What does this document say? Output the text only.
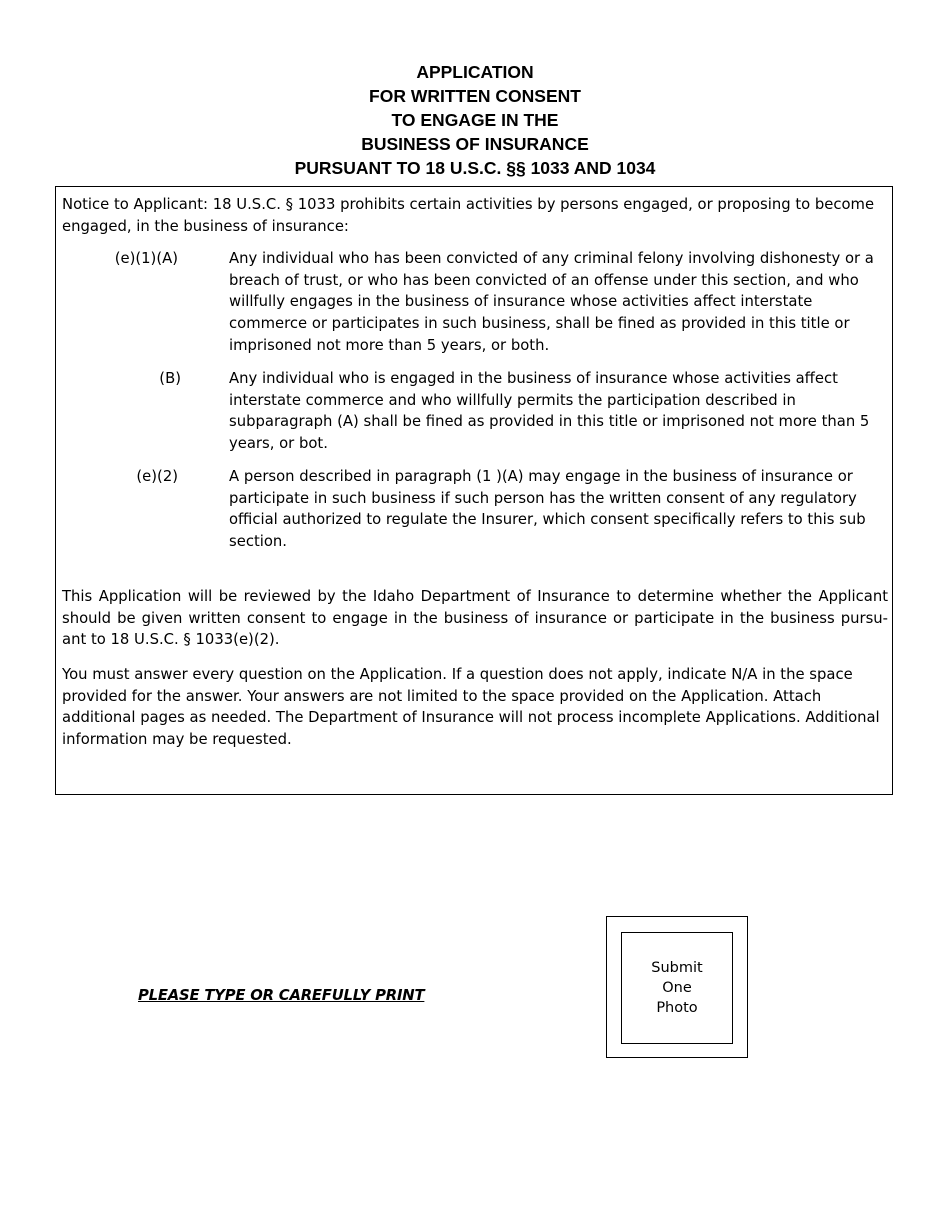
APPLICATION
FOR WRITTEN CONSENT
TO ENGAGE IN THE
BUSINESS OF INSURANCE
PURSUANT TO 18 U.S.C. §§ 1033 AND 1034
Notice to Applicant: 18 U.S.C. § 1033 prohibits certain activities by persons engaged, or proposing to become engaged, in the business of insurance:
(e)(1)(A)	Any individual who has been convicted of any criminal felony involving dishonesty or a breach of trust, or who has been convicted of an offense under this section, and who willfully engages in the business of insurance whose activities affect interstate commerce or participates in such business, shall be fined as provided in this title or imprisoned not more than 5 years, or both.
(B)	Any individual who is engaged in the business of insurance whose activities affect interstate commerce and who willfully permits the participation described in subparagraph (A) shall be fined as provided in this title or imprisoned not more than 5 years, or bot.
(e)(2)	A person described in paragraph (1 )(A) may engage in the business of insurance or participate in such business if such person has the written consent of any regulatory official authorized to regulate the Insurer, which consent specifically refers to this sub section.
This Application will be reviewed by the Idaho Department of Insurance to determine whether the Applicant should be given written consent to engage in the business of insurance or participate in the business pursu-ant to 18 U.S.C. § 1033(e)(2).
You must answer every question on the Application. If a question does not apply, indicate N/A in the space provided for the answer. Your answers are not limited to the space provided on the Application. Attach additional pages as needed. The Department of Insurance will not process incomplete Applications. Additional information may be requested.
PLEASE TYPE OR CAREFULLY PRINT
Submit
One
Photo
